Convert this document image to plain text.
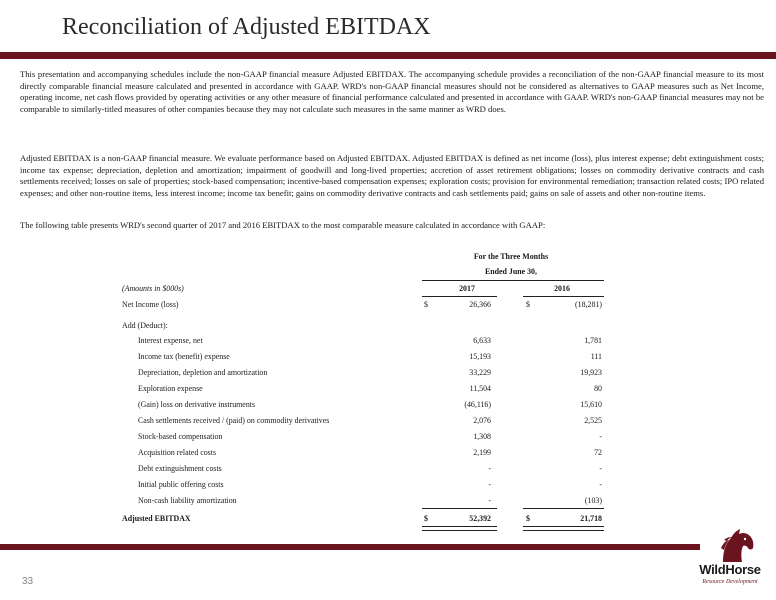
Reconciliation of Adjusted EBITDAX

This presentation and accompanying schedules include the non-GAAP financial measure Adjusted EBITDAX. The accompanying schedule provides a reconciliation of the non-GAAP financial measure to its most directly comparable financial measure calculated and presented in accordance with GAAP. WRD's non-GAAP financial measures should not be considered as alternatives to GAAP measures such as Net Income, operating income, net cash flows provided by operating activities or any other measure of financial performance calculated and presented in accordance with GAAP. WRD's non-GAAP financial measures may not be comparable to similarly-titled measures of other companies because they may not calculate such measures in the same manner as WRD does.

Adjusted EBITDAX is a non-GAAP financial measure. We evaluate performance based on Adjusted EBITDAX. Adjusted EBITDAX is defined as net income (loss), plus interest expense; debt extinguishment costs; income tax expense; depreciation, depletion and amortization; impairment of goodwill and long-lived properties; accretion of asset retirement obligations; losses on commodity derivative contracts and cash settlements received; losses on sale of properties; stock-based compensation; incentive-based compensation expenses; exploration costs; provision for environmental remediation; transaction related costs; IPO related expenses; and other non-routine items, less interest income; income tax benefit; gains on commodity derivative contracts and cash settlements paid; gains on sale of assets and other non-routine items.

The following table presents WRD's second quarter of 2017 and 2016 EBITDAX to the most comparable measure calculated in accordance with GAAP:

For the Three Months
Ended June 30,
(Amounts in $000s)	2017	2016
Net Income (loss)	$	26,366	$	(18,281)
Add (Deduct):
Interest expense, net	6,633	1,781
Income tax (benefit) expense	15,193	111
Depreciation, depletion and amortization	33,229	19,923
Exploration expense	11,504	80
(Gain) loss on derivative instruments	(46,116)	15,610
Cash settlements received / (paid) on commodity derivatives	2,076	2,525
Stock-based compensation	1,308	-
Acquisition related costs	2,199	72
Debt extinguishment costs	-	-
Initial public offering costs	-	-
Non-cash liability amortization	-	(103)
Adjusted EBITDAX	$	52,392	$	21,718
33
WildHorse
Resource Development
